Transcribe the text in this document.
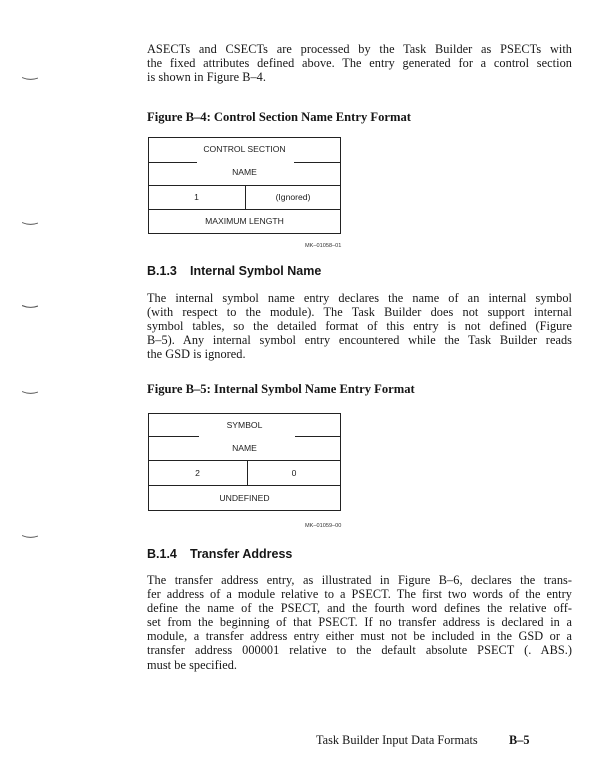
ASECTs and CSECTs are processed by the Task Builder as PSECTs with
the fixed attributes defined above. The entry generated for a control section
is shown in Figure B–4.
Figure B–4: Control Section Name Entry Format
CONTROL SECTION
NAME
1	(Ignored)
MAXIMUM LENGTH
MK–01058–01
B.1.3 Internal Symbol Name
The internal symbol name entry declares the name of an internal symbol
(with respect to the module). The Task Builder does not support internal
symbol tables, so the detailed format of this entry is not defined (Figure
B–5). Any internal symbol entry encountered while the Task Builder reads
the GSD is ignored.
Figure B–5: Internal Symbol Name Entry Format
SYMBOL
NAME
2	0
UNDEFINED
MK–01059–00
B.1.4 Transfer Address
The transfer address entry, as illustrated in Figure B–6, declares the trans-
fer address of a module relative to a PSECT. The first two words of the entry
define the name of the PSECT, and the fourth word defines the relative off-
set from the beginning of that PSECT. If no transfer address is declared in a
module, a transfer address entry either must not be included in the GSD or a
transfer address 000001 relative to the default absolute PSECT (. ABS.)
must be specified.
Task Builder Input Data Formats	B–5
